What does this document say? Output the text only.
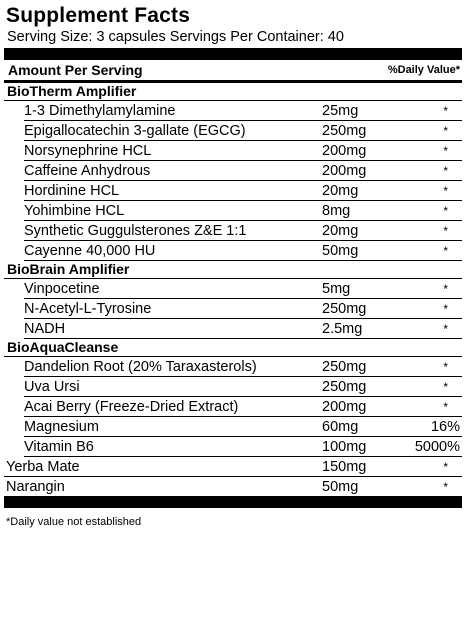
Supplement Facts
Serving Size: 3 capsules Servings Per Container: 40
Amount Per Serving	%Daily Value*
BioTherm Amplifier
1-3 Dimethylamylamine	25mg	*
Epigallocatechin 3-gallate (EGCG)	250mg	*
Norsynephrine HCL	200mg	*
Caffeine Anhydrous	200mg	*
Hordinine HCL	20mg	*
Yohimbine HCL	8mg	*
Synthetic Guggulsterones Z&E 1:1	20mg	*
Cayenne 40,000 HU	50mg	*
BioBrain Amplifier
Vinpocetine	5mg	*
N-Acetyl-L-Tyrosine	250mg	*
NADH	2.5mg	*
BioAquaCleanse
Dandelion Root (20% Taraxasterols)	250mg	*
Uva Ursi	250mg	*
Acai Berry (Freeze-Dried Extract)	200mg	*
Magnesium	60mg	16%
Vitamin B6	100mg	5000%
Yerba Mate	150mg	*
Narangin	50mg	*
*Daily value not established
